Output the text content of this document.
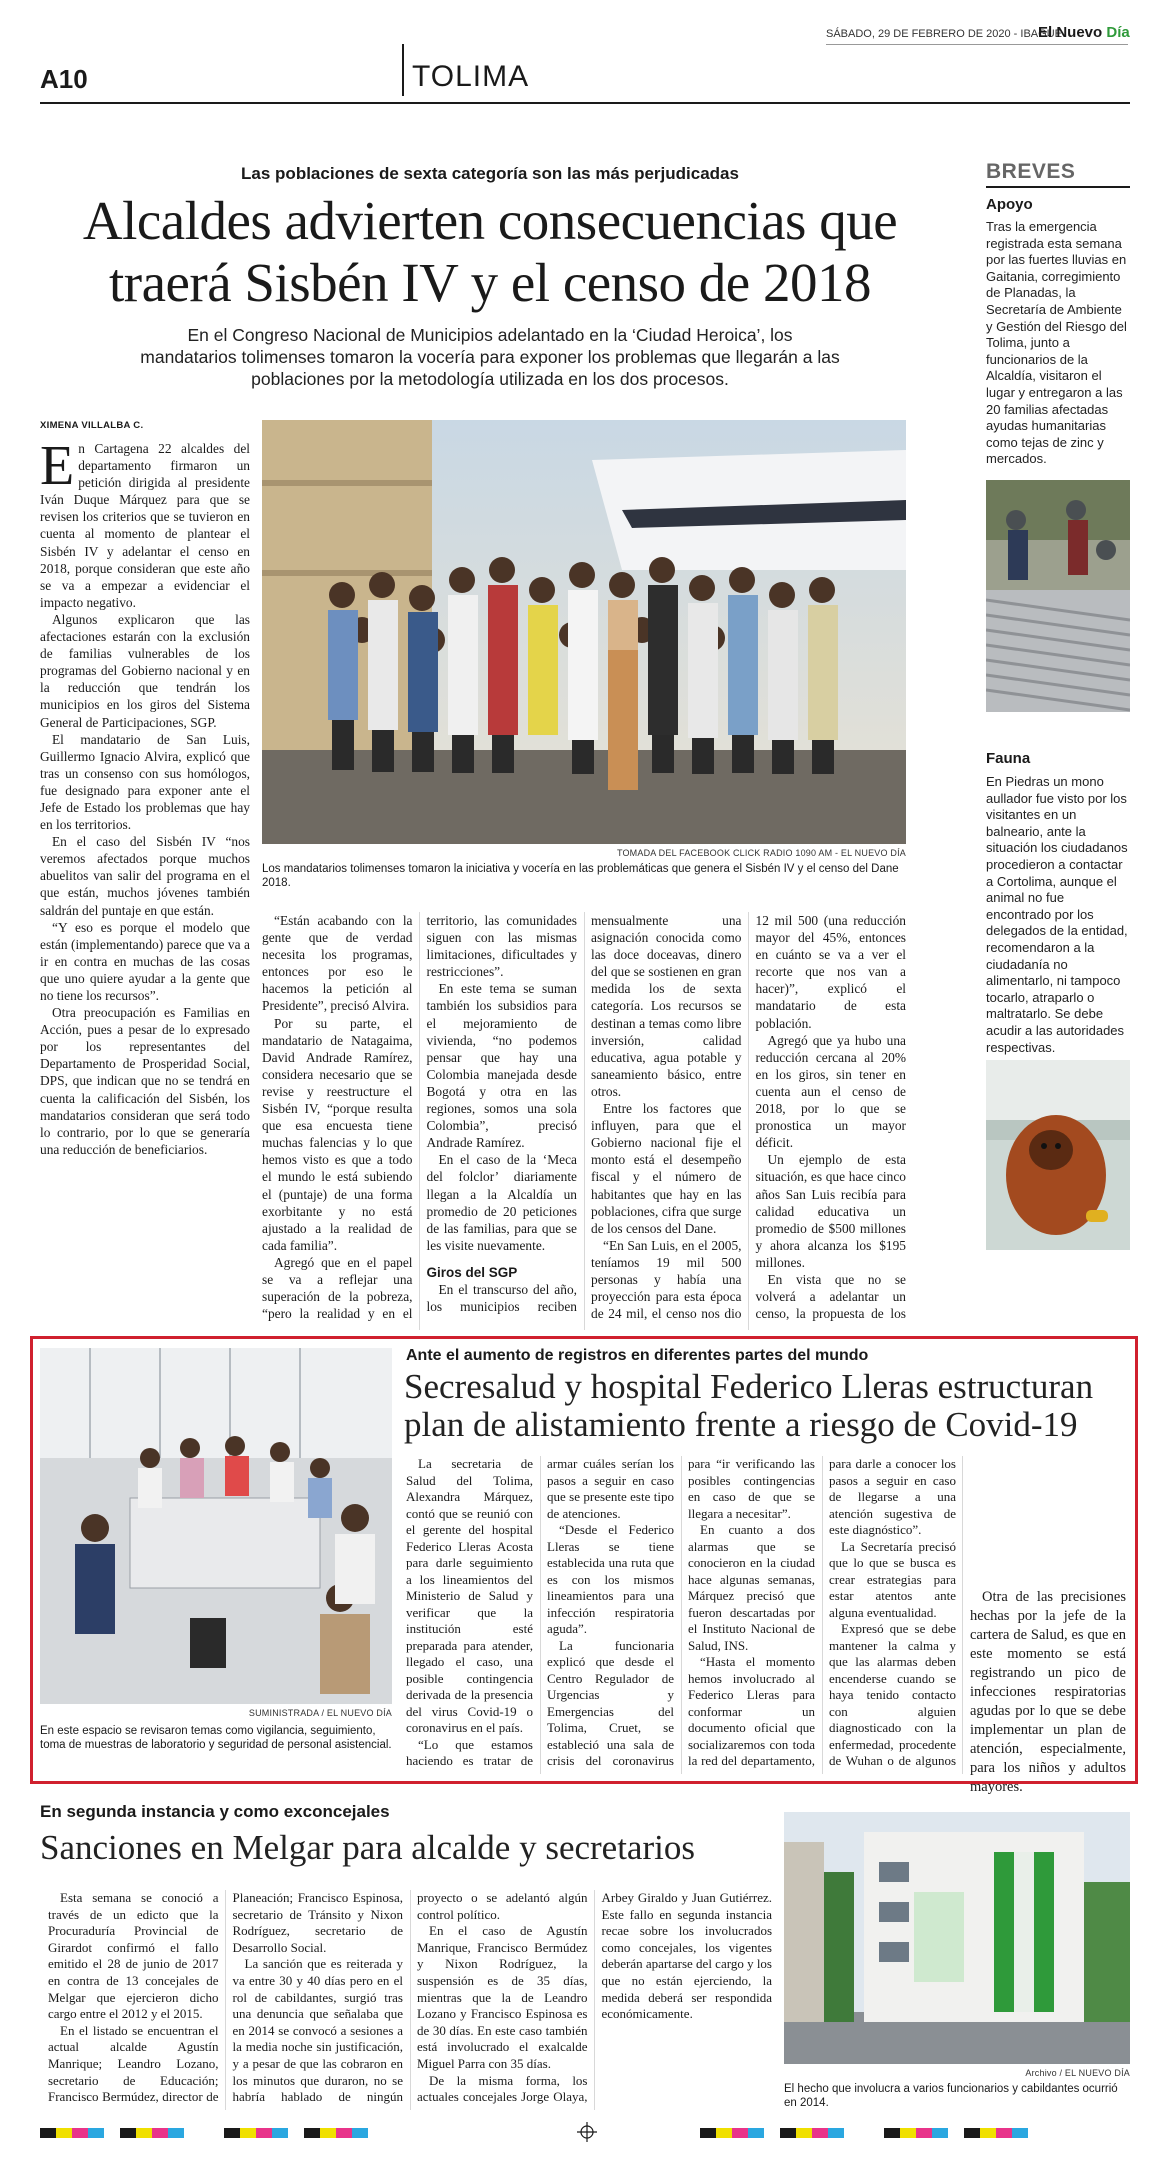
SÁBADO, 29 DE FEBRERO DE 2020 - IBAGUÉ
El Nuevo Día
A10	TOLIMA
Las poblaciones de sexta categoría son las más perjudicadas
Alcaldes advierten consecuencias que
traerá Sisbén IV y el censo de 2018
En el Congreso Nacional de Municipios adelantado en la ‘Ciudad Heroica’, los mandatarios tolimenses tomaron la vocería para exponer los problemas que llegarán a las poblaciones por la metodología utilizada en los dos procesos.
XIMENA VILLALBA C.

En Cartagena 22 alcaldes del departamento firmaron un petición dirigida al presidente Iván Duque Márquez para que se revisen los criterios que se tuvieron en cuenta al momento de plantear el Sisbén IV y adelantar el censo en 2018, porque consideran que este año se va a empezar a evidenciar el impacto negativo.

Algunos explicaron que las afectaciones estarán con la exclusión de familias vulnerables de los programas del Gobierno nacional y en la reducción que tendrán los municipios en los giros del Sistema General de Participaciones, SGP.

El mandatario de San Luis, Guillermo Ignacio Alvira, explicó que tras un consenso con sus homólogos, fue designado para exponer ante el Jefe de Estado los problemas que hay en los territorios.

En el caso del Sisbén IV “nos veremos afectados porque muchos abuelitos van salir del programa en el que están, muchos jóvenes también saldrán del puntaje en que están.

“Y eso es porque el modelo que están (implementando) parece que va a ir en contra en muchas de las cosas que uno quiere ayudar a la gente que no tiene los recursos”.

Otra preocupación es Familias en Acción, pues a pesar de lo expresado por los representantes del Departamento de Prosperidad Social, DPS, que indican que no se tendrá en cuenta la calificación del Sisbén, los mandatarios consideran que será todo lo contrario, por lo que se generaría una reducción de beneficiarios.

TOMADA DEL FACEBOOK CLICK RADIO 1090 AM - EL NUEVO DÍA
Los mandatarios tolimenses tomaron la iniciativa y vocería en las problemáticas que genera el Sisbén IV y el censo del Dane 2018.

“Están acabando con la gente que de verdad necesita los programas, entonces por eso le hacemos la petición al Presidente”, precisó Alvira.

Por su parte, el mandatario de Natagaima, David Andrade Ramírez, considera necesario que se revise y reestructure el Sisbén IV, “porque resulta que esa encuesta tiene muchas falencias y lo que hemos visto es que a todo el mundo le está subiendo el (puntaje) de una forma exorbitante y no está ajustado a la realidad de cada familia”.

Agregó que en el papel se va a reflejar una superación de la pobreza, “pero la realidad y en el territorio, las comunidades siguen con las mismas limitaciones, dificultades y restricciones”.

En este tema se suman también los subsidios para el mejoramiento de vivienda, “no podemos pensar que hay una Colombia manejada desde Bogotá y otra en las regiones, somos una sola Colombia”, precisó Andrade Ramírez.

En el caso de la ‘Meca del folclor’ diariamente llegan a la Alcaldía un promedio de 20 peticiones de las familias, para que se les visite nuevamente.

Giros del SGP

En el transcurso del año, los municipios reciben mensualmente una asignación conocida como las doce doceavas, dinero del que se sostienen en gran medida los de sexta categoría. Los recursos se destinan a temas como libre inversión, calidad educativa, agua potable y saneamiento básico, entre otros.

Entre los factores que influyen, para que el Gobierno nacional fije el monto está el desempeño fiscal y el número de habitantes que hay en las poblaciones, cifra que surge de los censos del Dane.

“En San Luis, en el 2005, teníamos 19 mil 500 personas y había una proyección para esta época de 24 mil, el censo nos dio 12 mil 500 (una reducción mayor del 45%, entonces en cuánto se va a ver el recorte que nos van a hacer)”, explicó el mandatario de esta población.

Agregó que ya hubo una reducción cercana al 20% en los giros, sin tener en cuenta aun el censo de 2018, por lo que se pronostica un mayor déficit.

Un ejemplo de esta situación, es que hace cinco años San Luis recibía para calidad educativa un promedio de $500 millones y ahora alcanza los $195 millones.

En vista que no se volverá a adelantar un censo, la propuesta de los

BREVES
Apoyo
Tras la emergencia registrada esta semana por las fuertes lluvias en Gaitania, corregimiento de Planadas, la Secretaría de Ambiente y Gestión del Riesgo del Tolima, junto a funcionarios de la Alcaldía, visitaron el lugar y entregaron a las 20 familias afectadas ayudas humanitarias como tejas de zinc y mercados.
Fauna
En Piedras un mono aullador fue visto por los visitantes en un balneario, ante la situación los ciudadanos procedieron a contactar a Cortolima, aunque el animal no fue encontrado por los delegados de la entidad, recomendaron a la ciudadanía no alimentarlo, ni tampoco tocarlo, atraparlo o maltratarlo. Se debe acudir a las autoridades respectivas.
SUMINISTRADA / EL NUEVO DÍA
En este espacio se revisaron temas como vigilancia, seguimiento, toma de muestras de laboratorio y seguridad de personal asistencial.
Ante el aumento de registros en diferentes partes del mundo
Secresalud y hospital Federico Lleras estructuran
plan de alistamiento frente a riesgo de Covid-19

La secretaria de Salud del Tolima, Alexandra Márquez, contó que se reunió con el gerente del hospital Federico Lleras Acosta para darle seguimiento a los lineamientos del Ministerio de Salud y verificar que la institución esté preparada para atender, llegado el caso, una posible contingencia derivada de la presencia del virus Covid-19 o coronavirus en el país.

“Lo que estamos haciendo es tratar de armar cuáles serían los pasos a seguir en caso que se presente este tipo de atenciones.

“Desde el Federico Lleras se tiene establecida una ruta que es con los mismos lineamientos para una infección respiratoria aguda”.

La funcionaria explicó que desde el Centro Regulador de Urgencias y Emergencias del Tolima, Cruet, se estableció una sala de crisis del coronavirus para “ir verificando las posibles contingencias en caso de que se llegara a necesitar”.

En cuanto a dos alarmas que se conocieron en la ciudad hace algunas semanas, Márquez precisó que fueron descartadas por el Instituto Nacional de Salud, INS.

“Hasta el momento hemos involucrado al Federico Lleras para conformar un documento oficial que socializaremos con toda la red del departamento, para darle a conocer los pasos a seguir en caso de llegarse a una atención sugestiva de este diagnóstico”.

La Secretaría precisó que lo que se busca es crear estrategias para estar atentos ante alguna eventualidad.

Expresó que se debe mantener la calma y que las alarmas deben encenderse cuando se haya tenido contacto con alguien diagnosticado con la enfermedad, procedente de Wuhan o de algunos

Otra de las precisiones hechas por la jefe de la cartera de Salud, es que en este momento se está registrando un pico de infecciones respiratorias agudas por lo que se debe implementar un plan de atención, especialmente, para los niños y adultos mayores.

En segunda instancia y como exconcejales
Sanciones en Melgar para alcalde y secretarios

Esta semana se conoció a través de un edicto que la Procuraduría Provincial de Girardot confirmó el fallo emitido el 28 de junio de 2017 en contra de 13 concejales de Melgar que ejercieron dicho cargo entre el 2012 y el 2015.

En el listado se encuentran el actual alcalde Agustín Manrique; Leandro Lozano, secretario de Educación; Francisco Bermúdez, director de Planeación; Francisco Espinosa, secretario de Tránsito y Nixon Rodríguez, secretario de Desarrollo Social.

La sanción que es reiterada y va entre 30 y 40 días pero en el rol de cabildantes, surgió tras una denuncia que señalaba que en 2014 se convocó a sesiones a la media noche sin justificación, y a pesar de que las cobraron en los minutos que duraron, no se habría hablado de ningún proyecto o se adelantó algún control político.

En el caso de Agustín Manrique, Francisco Bermúdez y Nixon Rodríguez, la suspensión es de 35 días, mientras que la de Leandro Lozano y Francisco Espinosa es de 30 días. En este caso también está involucrado el exalcalde Miguel Parra con 35 días.

De la misma forma, los actuales concejales Jorge Olaya, Arbey Giraldo y Juan Gutiérrez. Este fallo en segunda instancia recae sobre los involucrados como concejales, los vigentes deberán apartarse del cargo y los que no están ejerciendo, la medida deberá ser respondida económicamente.

Archivo / EL NUEVO DÍA
El hecho que involucra a varios funcionarios y cabildantes ocurrió en 2014.
